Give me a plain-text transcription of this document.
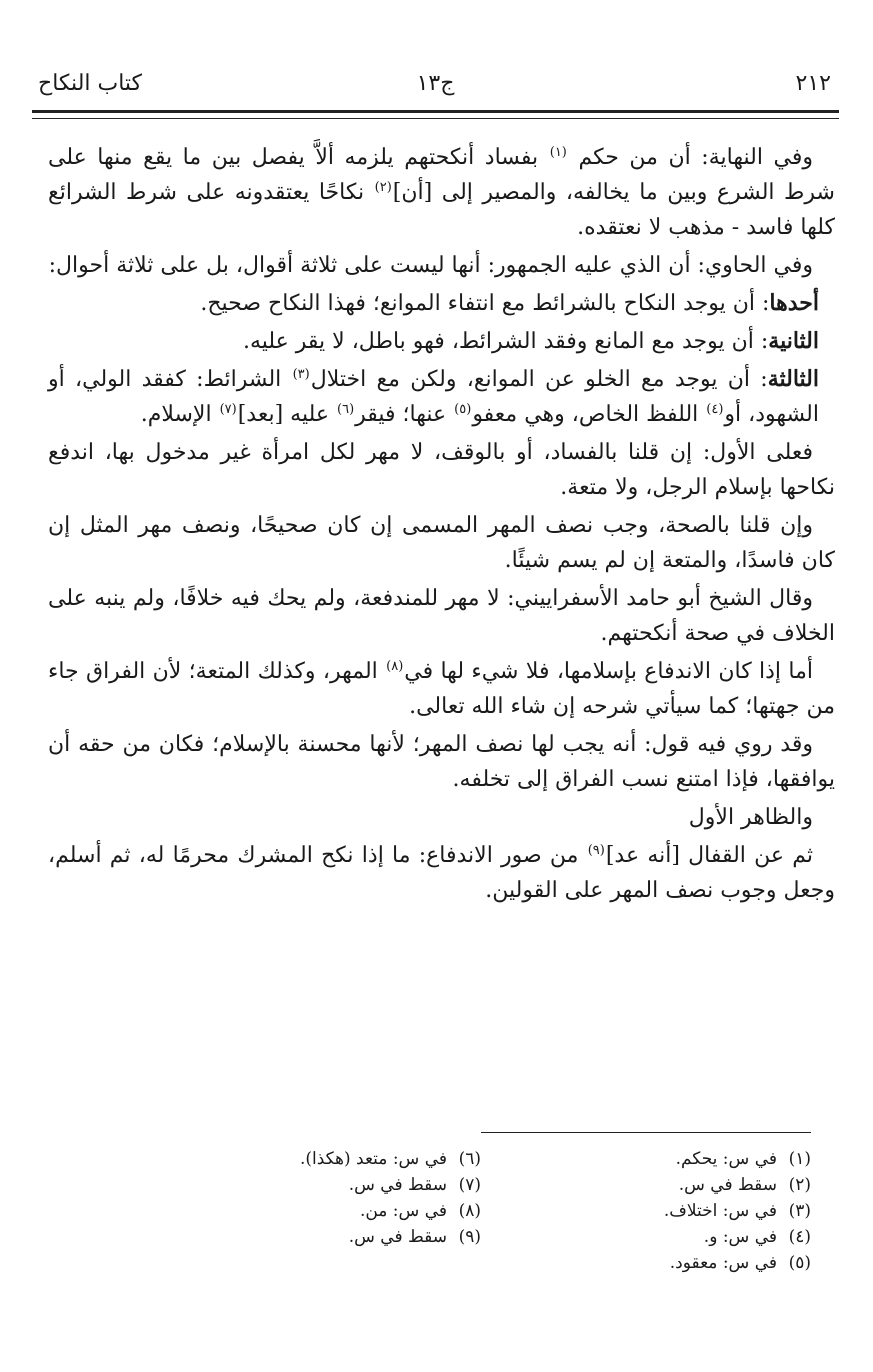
٢١٢
ج١٣
كتاب النكاح

وفي النهاية: أن من حكم $^{(١)}$ بفساد أنكحتهم يلزمه ألاَّ يفصل بين ما يقع منها على شرط الشرع وبين ما يخالفه، والمصير إلى [أن]$^{(٢)}$ نكاحًا يعتقدونه على شرط الشرائع كلها فاسد - مذهب لا نعتقده.

وفي الحاوي: أن الذي عليه الجمهور: أنها ليست على ثلاثة أقوال، بل على ثلاثة أحوال:

أحدها: أن يوجد النكاح بالشرائط مع انتفاء الموانع؛ فهذا النكاح صحيح.

الثانية: أن يوجد مع المانع وفقد الشرائط، فهو باطل، لا يقر عليه.

الثالثة: أن يوجد مع الخلو عن الموانع، ولكن مع اختلال$^{(٣)}$ الشرائط: كفقد الولي، أو الشهود، أو$^{(٤)}$ اللفظ الخاص، وهي معفو$^{(٥)}$ عنها؛ فيقر$^{(٦)}$ عليه [بعد]$^{(٧)}$ الإسلام.

فعلى الأول: إن قلنا بالفساد، أو بالوقف، لا مهر لكل امرأة غير مدخول بها، اندفع نكاحها بإسلام الرجل، ولا متعة.

وإن قلنا بالصحة، وجب نصف المهر المسمى إن كان صحيحًا، ونصف مهر المثل إن كان فاسدًا، والمتعة إن لم يسم شيئًا.

وقال الشيخ أبو حامد الأسفراييني: لا مهر للمندفعة، ولم يحك فيه خلافًا، ولم ينبه على الخلاف في صحة أنكحتهم.

أما إذا كان الاندفاع بإسلامها، فلا شيء لها في$^{(٨)}$ المهر، وكذلك المتعة؛ لأن الفراق جاء من جهتها؛ كما سيأتي شرحه إن شاء الله تعالى.

وقد روي فيه قول: أنه يجب لها نصف المهر؛ لأنها محسنة بالإسلام؛ فكان من حقه أن يوافقها، فإذا امتنع نسب الفراق إلى تخلفه.

والظاهر الأول

ثم عن القفال [أنه عد]$^{(٩)}$ من صور الاندفاع: ما إذا نكح المشرك محرمًا له، ثم أسلم، وجعل وجوب نصف المهر على القولين.

(١)في س: يحكم.
(٢)سقط في س.
(٣)في س: اختلاف.
(٤)في س: و.
(٥)في س: معقود.
(٦)في س: متعد (هكذا).
(٧)سقط في س.
(٨)في س: من.
(٩)سقط في س.
